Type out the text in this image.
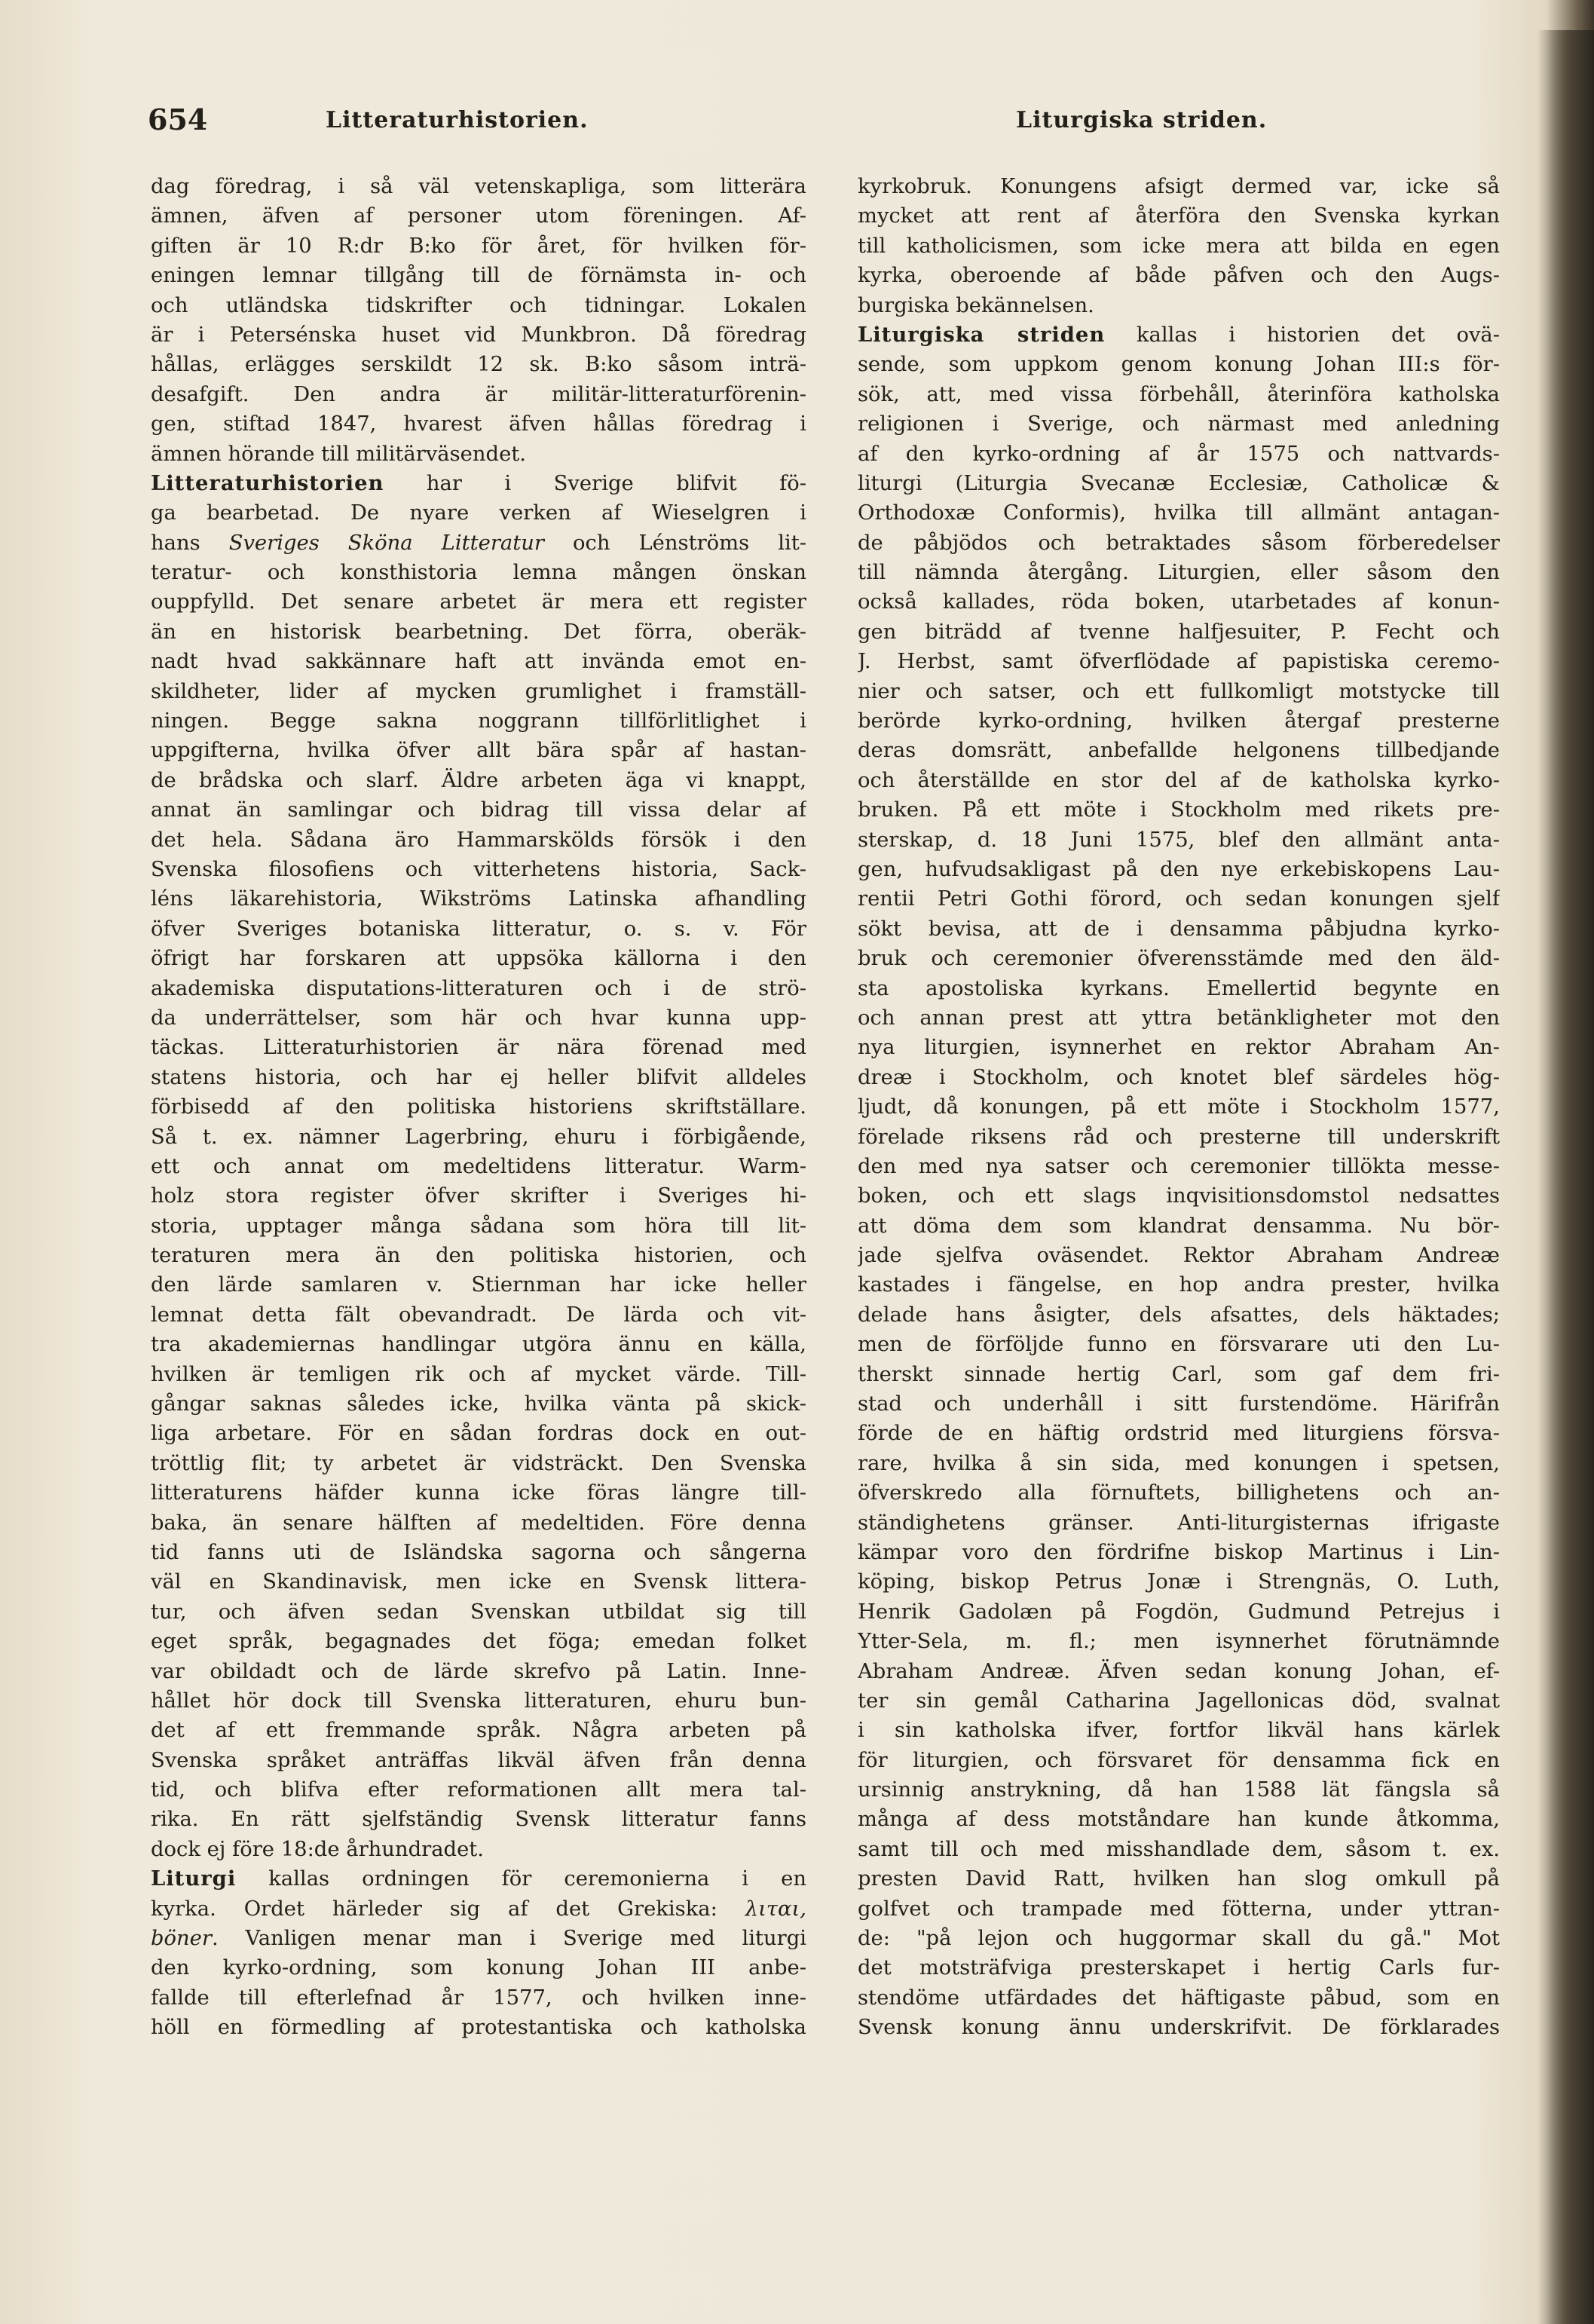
654	Litteraturhistorien.	Liturgiska striden.
dag föredrag, i så väl vetenskapliga, som litterära
ämnen, äfven af personer utom föreningen. Af-
giften är 10 R:dr B:ko för året, för hvilken för-
eningen lemnar tillgång till de förnämsta in- och
och utländska tidskrifter och tidningar. Lokalen
är i Petersénska huset vid Munkbron. Då föredrag
hållas, erlägges serskildt 12 sk. B:ko såsom inträ-
desafgift. Den andra är militär-litteraturförenin-
gen, stiftad 1847, hvarest äfven hållas föredrag i
ämnen hörande till militärväsendet.
Litteraturhistorien har i Sverige blifvit fö-
ga bearbetad. De nyare verken af Wieselgren i
hans Sveriges Sköna Litteratur och Lénströms lit-
teratur- och konsthistoria lemna mången önskan
ouppfylld. Det senare arbetet är mera ett register
än en historisk bearbetning. Det förra, oberäk-
nadt hvad sakkännare haft att invända emot en-
skildheter, lider af mycken grumlighet i framställ-
ningen. Begge sakna noggrann tillförlitlighet i
uppgifterna, hvilka öfver allt bära spår af hastan-
de brådska och slarf. Äldre arbeten äga vi knappt,
annat än samlingar och bidrag till vissa delar af
det hela. Sådana äro Hammarskölds försök i den
Svenska filosofiens och vitterhetens historia, Sack-
léns läkarehistoria, Wikströms Latinska afhandling
öfver Sveriges botaniska litteratur, o. s. v. För
öfrigt har forskaren att uppsöka källorna i den
akademiska disputations-litteraturen och i de strö-
da underrättelser, som här och hvar kunna upp-
täckas. Litteraturhistorien är nära förenad med
statens historia, och har ej heller blifvit alldeles
förbisedd af den politiska historiens skriftställare.
Så t. ex. nämner Lagerbring, ehuru i förbigående,
ett och annat om medeltidens litteratur. Warm-
holz stora register öfver skrifter i Sveriges hi-
storia, upptager många sådana som höra till lit-
teraturen mera än den politiska historien, och
den lärde samlaren v. Stiernman har icke heller
lemnat detta fält obevandradt. De lärda och vit-
tra akademiernas handlingar utgöra ännu en källa,
hvilken är temligen rik och af mycket värde. Till-
gångar saknas således icke, hvilka vänta på skick-
liga arbetare. För en sådan fordras dock en out-
tröttlig flit; ty arbetet är vidsträckt. Den Svenska
litteraturens häfder kunna icke föras längre till-
baka, än senare hälften af medeltiden. Före denna
tid fanns uti de Isländska sagorna och sångerna
väl en Skandinavisk, men icke en Svensk littera-
tur, och äfven sedan Svenskan utbildat sig till
eget språk, begagnades det föga; emedan folket
var obildadt och de lärde skrefvo på Latin. Inne-
hållet hör dock till Svenska litteraturen, ehuru bun-
det af ett fremmande språk. Några arbeten på
Svenska språket anträffas likväl äfven från denna
tid, och blifva efter reformationen allt mera tal-
rika. En rätt sjelfständig Svensk litteratur fanns
dock ej före 18:de århundradet.
Liturgi kallas ordningen för ceremonierna i en
kyrka. Ordet härleder sig af det Grekiska: λιται,
böner. Vanligen menar man i Sverige med liturgi
den kyrko-ordning, som konung Johan III anbe-
fallde till efterlefnad år 1577, och hvilken inne-
höll en förmedling af protestantiska och katholska
kyrkobruk. Konungens afsigt dermed var, icke så
mycket att rent af återföra den Svenska kyrkan
till katholicismen, som icke mera att bilda en egen
kyrka, oberoende af både påfven och den Augs-
burgiska bekännelsen.
Liturgiska striden kallas i historien det ovä-
sende, som uppkom genom konung Johan III:s för-
sök, att, med vissa förbehåll, återinföra katholska
religionen i Sverige, och närmast med anledning
af den kyrko-ordning af år 1575 och nattvards-
liturgi (Liturgia Svecanæ Ecclesiæ, Catholicæ &
Orthodoxæ Conformis), hvilka till allmänt antagan-
de påbjödos och betraktades såsom förberedelser
till nämnda återgång. Liturgien, eller såsom den
också kallades, röda boken, utarbetades af konun-
gen biträdd af tvenne halfjesuiter, P. Fecht och
J. Herbst, samt öfverflödade af papistiska ceremo-
nier och satser, och ett fullkomligt motstycke till
berörde kyrko-ordning, hvilken återgaf presterne
deras domsrätt, anbefallde helgonens tillbedjande
och återställde en stor del af de katholska kyrko-
bruken. På ett möte i Stockholm med rikets pre-
sterskap, d. 18 Juni 1575, blef den allmänt anta-
gen, hufvudsakligast på den nye erkebiskopens Lau-
rentii Petri Gothi förord, och sedan konungen sjelf
sökt bevisa, att de i densamma påbjudna kyrko-
bruk och ceremonier öfverensstämde med den äld-
sta apostoliska kyrkans. Emellertid begynte en
och annan prest att yttra betänkligheter mot den
nya liturgien, isynnerhet en rektor Abraham An-
dreæ i Stockholm, och knotet blef särdeles hög-
ljudt, då konungen, på ett möte i Stockholm 1577,
förelade riksens råd och presterne till underskrift
den med nya satser och ceremonier tillökta messe-
boken, och ett slags inqvisitionsdomstol nedsattes
att döma dem som klandrat densamma. Nu bör-
jade sjelfva oväsendet. Rektor Abraham Andreæ
kastades i fängelse, en hop andra prester, hvilka
delade hans åsigter, dels afsattes, dels häktades;
men de förföljde funno en försvarare uti den Lu-
therskt sinnade hertig Carl, som gaf dem fri-
stad och underhåll i sitt furstendöme. Härifrån
förde de en häftig ordstrid med liturgiens försva-
rare, hvilka å sin sida, med konungen i spetsen,
öfverskredo alla förnuftets, billighetens och an-
ständighetens gränser. Anti-liturgisternas ifrigaste
kämpar voro den fördrifne biskop Martinus i Lin-
köping, biskop Petrus Jonæ i Strengnäs, O. Luth,
Henrik Gadolæn på Fogdön, Gudmund Petrejus i
Ytter-Sela, m. fl.; men isynnerhet förutnämnde
Abraham Andreæ. Äfven sedan konung Johan, ef-
ter sin gemål Catharina Jagellonicas död, svalnat
i sin katholska ifver, fortfor likväl hans kärlek
för liturgien, och försvaret för densamma fick en
ursinnig anstrykning, då han 1588 lät fängsla så
många af dess motståndare han kunde åtkomma,
samt till och med misshandlade dem, såsom t. ex.
presten David Ratt, hvilken han slog omkull på
golfvet och trampade med fötterna, under yttran-
de: "på lejon och huggormar skall du gå." Mot
det motsträfviga presterskapet i hertig Carls fur-
stendöme utfärdades det häftigaste påbud, som en
Svensk konung ännu underskrifvit. De förklarades
